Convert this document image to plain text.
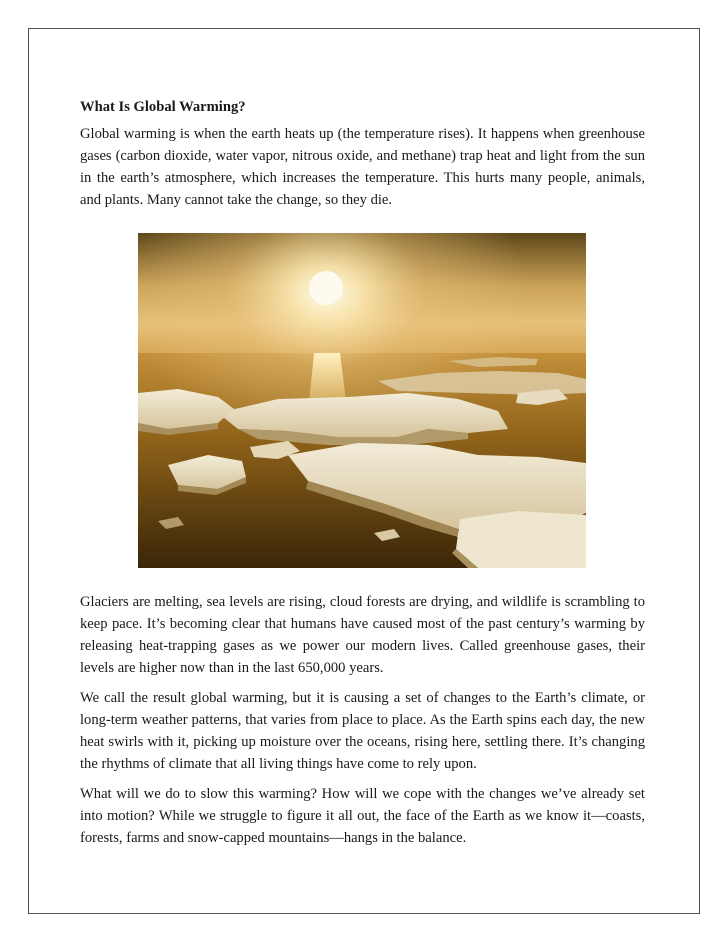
What Is Global Warming?

Global warming is when the earth heats up (the temperature rises). It happens when greenhouse gases (carbon dioxide, water vapor, nitrous oxide, and methane) trap heat and light from the sun in the earth’s atmosphere, which increases the temperature. This hurts many people, animals, and plants. Many cannot take the change, so they die.

Glaciers are melting, sea levels are rising, cloud forests are drying, and wildlife is scrambling to keep pace. It’s becoming clear that humans have caused most of the past century’s warming by releasing heat-trapping gases as we power our modern lives. Called greenhouse gases, their levels are higher now than in the last 650,000 years.

We call the result global warming, but it is causing a set of changes to the Earth’s climate, or long-term weather patterns, that varies from place to place. As the Earth spins each day, the new heat swirls with it, picking up moisture over the oceans, rising here, settling there. It’s changing the rhythms of climate that all living things have come to rely upon.

What will we do to slow this warming? How will we cope with the changes we’ve already set into motion? While we struggle to figure it all out, the face of the Earth as we know it—coasts, forests, farms and snow-capped mountains—hangs in the balance.
